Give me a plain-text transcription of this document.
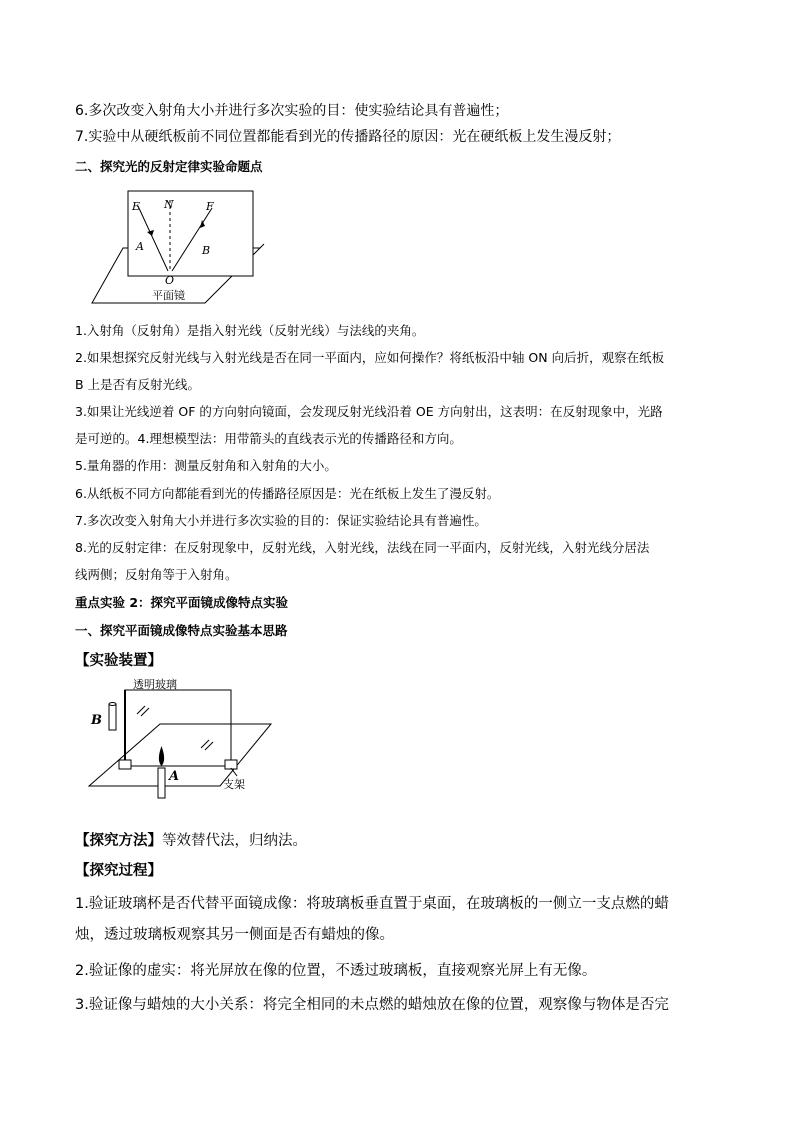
6.多次改变入射角大小并进行多次实验的目：使实验结论具有普遍性；
7.实验中从硬纸板前不同位置都能看到光的传播路径的原因：光在硬纸板上发生漫反射；
二、探究光的反射定律实验命题点
E N	F
A	B
O
平面镜
1.入射角（反射角）是指入射光线（反射光线）与法线的夹角。
2.如果想探究反射光线与入射光线是否在同一平面内，应如何操作？将纸板沿中轴 ON 向后折，观察在纸板
B 上是否有反射光线。
3.如果让光线逆着 OF 的方向射向镜面，会发现反射光线沿着 OE 方向射出，这表明：在反射现象中，光路
是可逆的。4.理想模型法：用带箭头的直线表示光的传播路径和方向。
5.量角器的作用：测量反射角和入射角的大小。
6.从纸板不同方向都能看到光的传播路径原因是：光在纸板上发生了漫反射。
7.多次改变入射角大小并进行多次实验的目的：保证实验结论具有普遍性。
8.光的反射定律：在反射现象中，反射光线，入射光线，法线在同一平面内，反射光线，入射光线分居法
线两侧；反射角等于入射角。
重点实验 2：探究平面镜成像特点实验
一、探究平面镜成像特点实验基本思路
【实验装置】
透明玻璃
B
A
支架
【探究方法】等效替代法，归纳法。
【探究过程】
1.验证玻璃杯是否代替平面镜成像：将玻璃板垂直置于桌面，在玻璃板的一侧立一支点燃的蜡
烛，透过玻璃板观察其另一侧面是否有蜡烛的像。
2.验证像的虚实：将光屏放在像的位置，不透过玻璃板，直接观察光屏上有无像。
3.验证像与蜡烛的大小关系：将完全相同的未点燃的蜡烛放在像的位置，观察像与物体是否完
